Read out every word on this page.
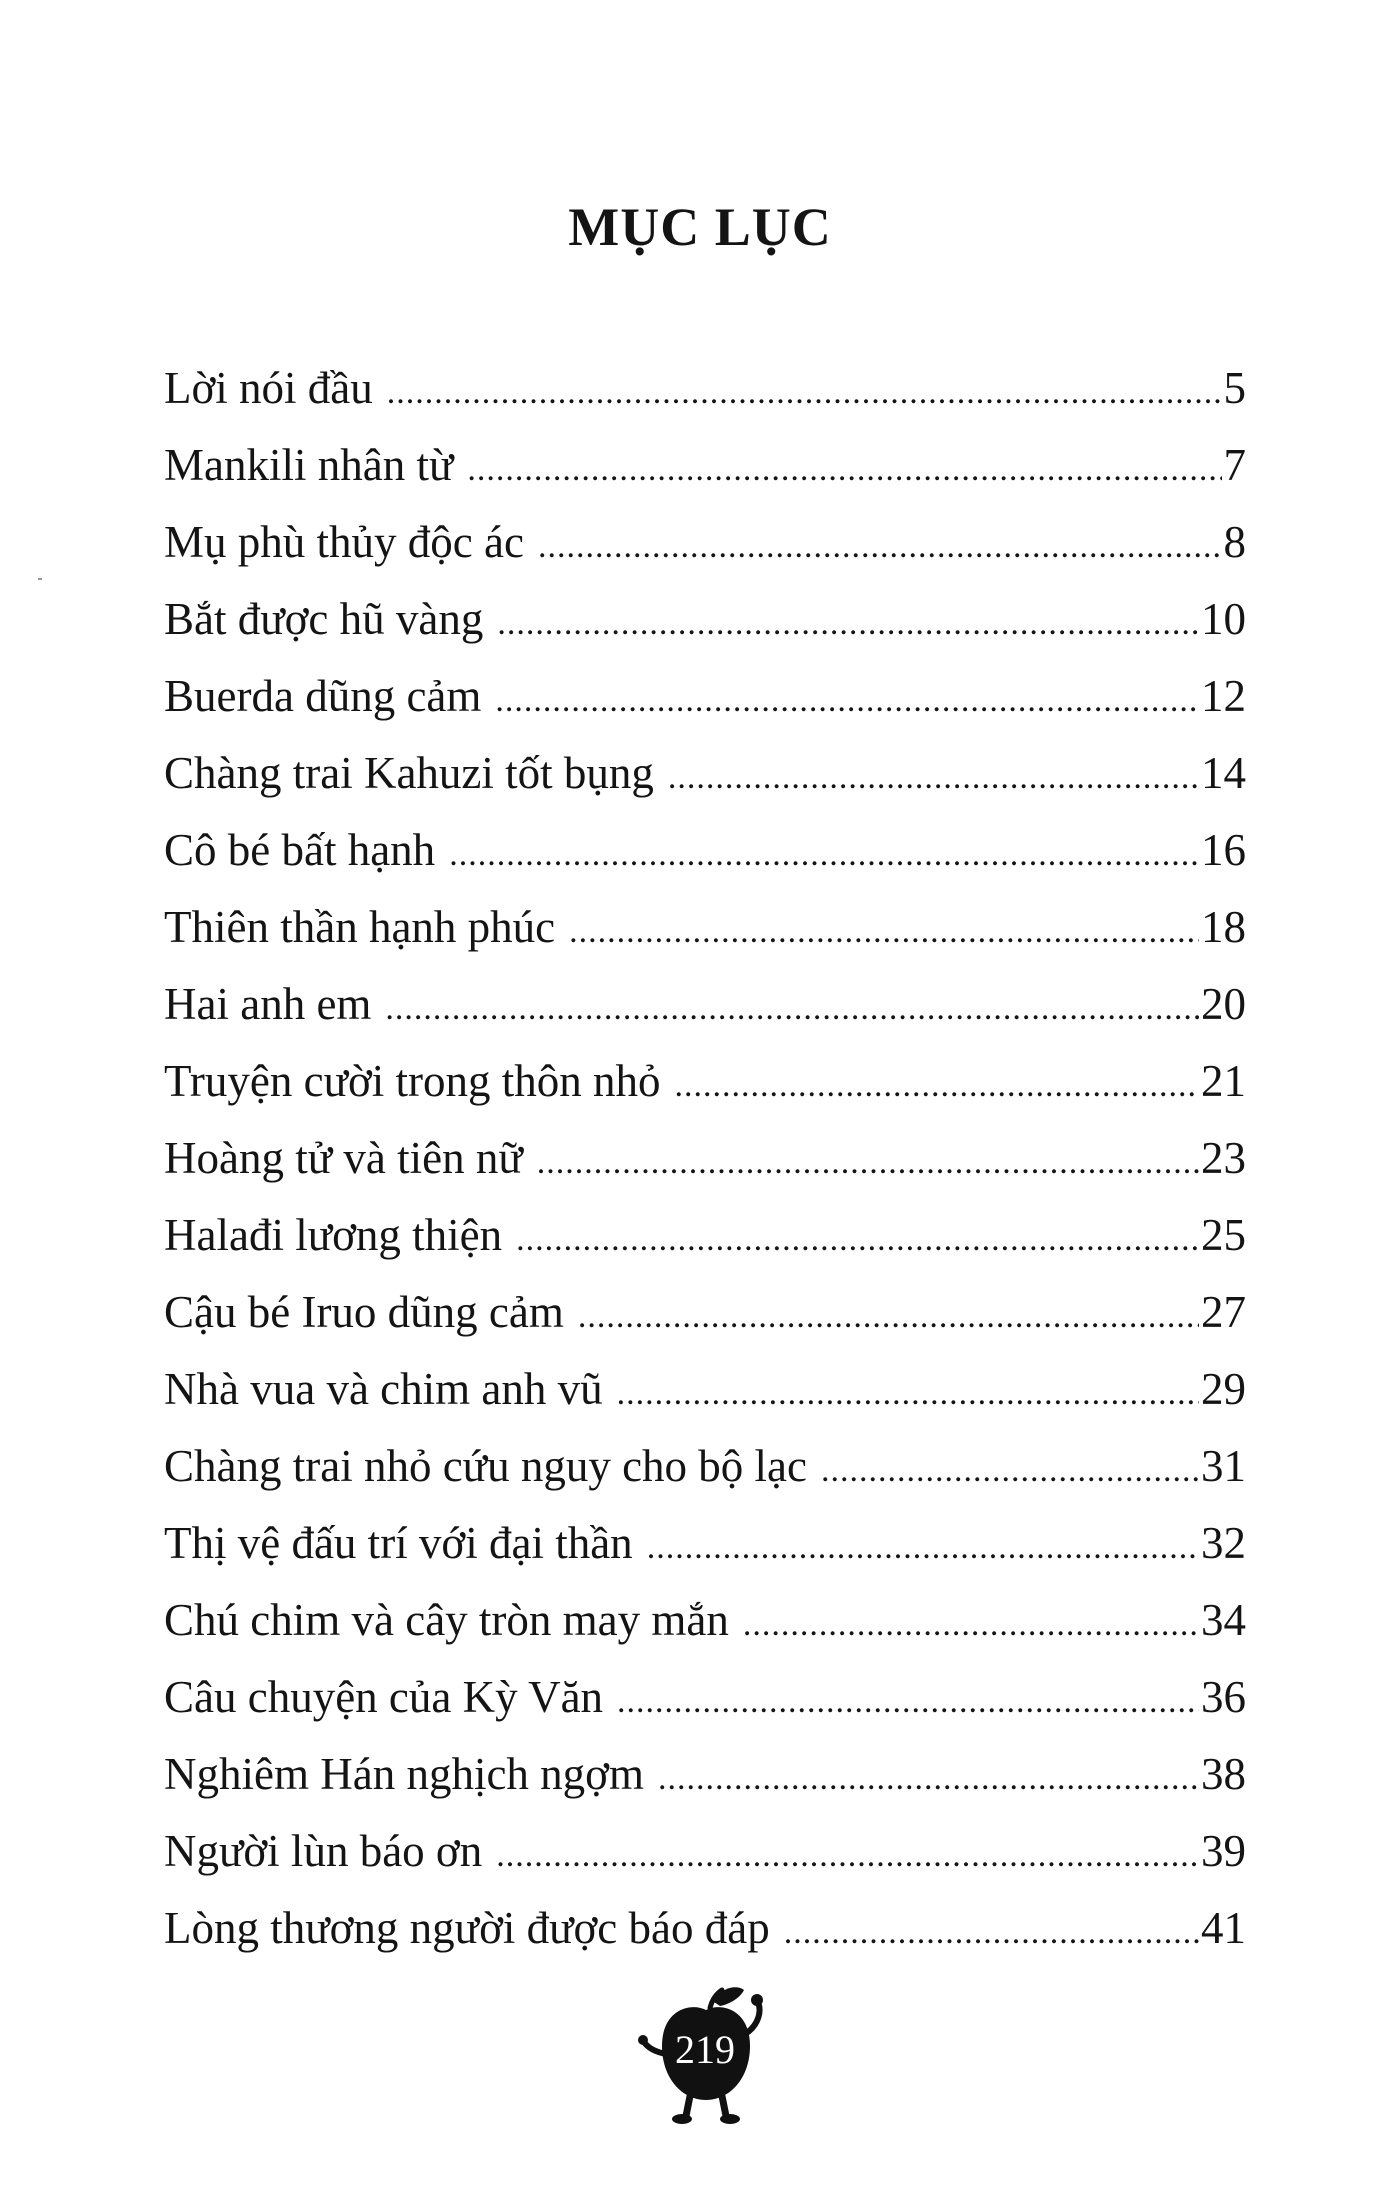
MỤC LỤC
Lời nói đầu .....	5
Mankili nhân từ .....	7
Mụ phù thủy độc ác .....	8
Bắt được hũ vàng .....	10
Buerda dũng cảm .....	12
Chàng trai Kahuzi tốt bụng .....	14
Cô bé bất hạnh .....	16
Thiên thần hạnh phúc .....	18
Hai anh em .....	20
Truyện cười trong thôn nhỏ .....	21
Hoàng tử và tiên nữ .....	23
Halađi lương thiện .....	25
Cậu bé Iruo dũng cảm .....	27
Nhà vua và chim anh vũ .....	29
Chàng trai nhỏ cứu nguy cho bộ lạc .....	31
Thị vệ đấu trí với đại thần .....	32
Chú chim và cây tròn may mắn .....	34
Câu chuyện của Kỳ Văn .....	36
Nghiêm Hán nghịch ngợm .....	38
Người lùn báo ơn .....	39
Lòng thương người được báo đáp .....	41
219
